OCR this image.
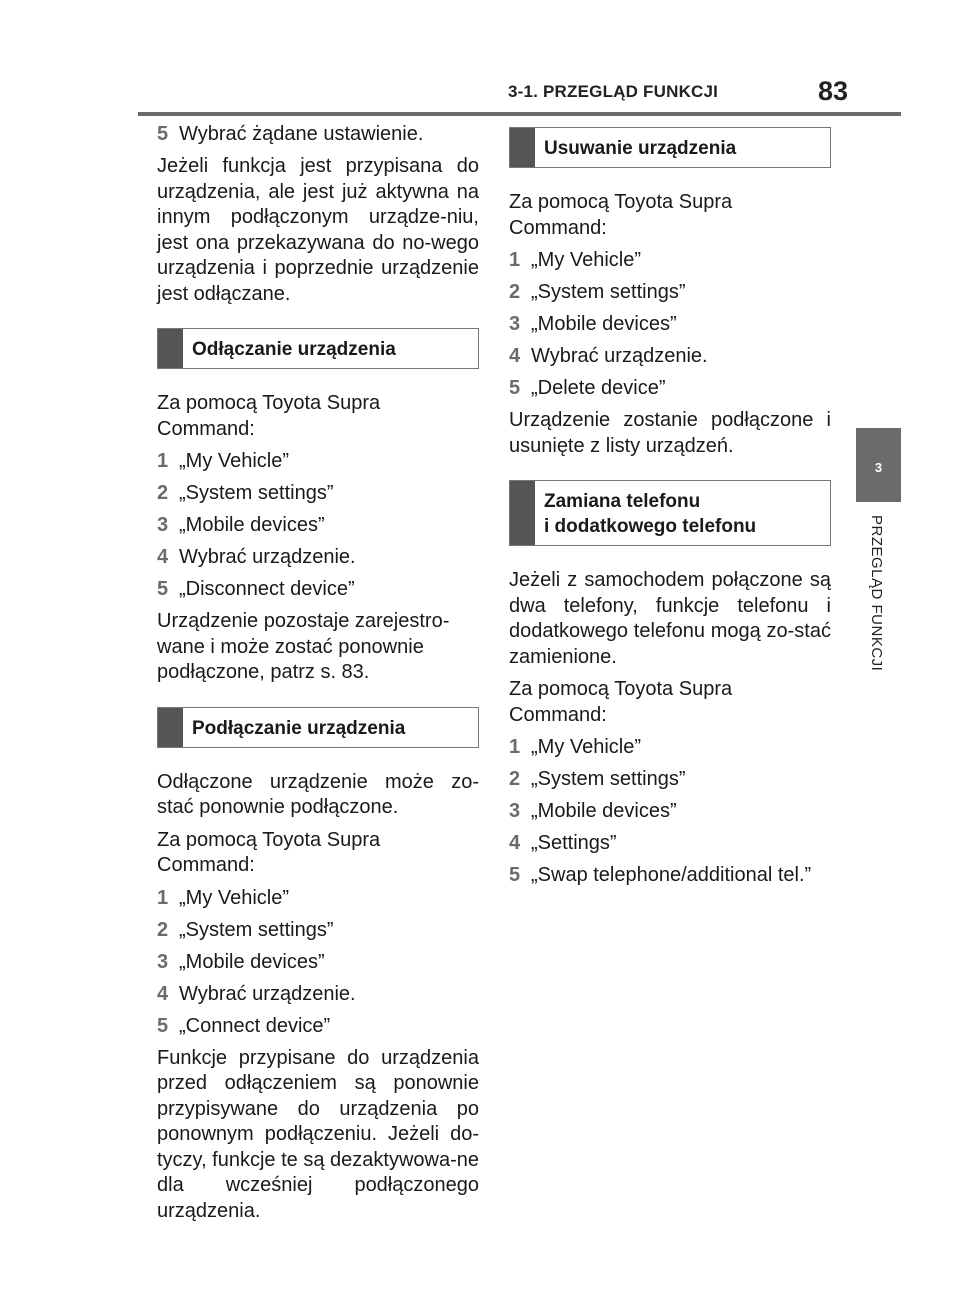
3-1. PRZEGLĄD FUNKCJI	83
3
PRZEGLĄD FUNKCJI

5 Wybrać żądane ustawienie.

Jeżeli funkcja jest przypisana do urządzenia, ale jest już aktywna na innym podłączonym urządze-niu, jest ona przekazywana do no-wego urządzenia i poprzednie urządzenie jest odłączane.

Odłączanie urządzenia

Za pomocą Toyota Supra Command:

1 „My Vehicle”

2 „System settings”

3 „Mobile devices”

4 Wybrać urządzenie.

5 „Disconnect device”

Urządzenie pozostaje zarejestro-wane i może zostać ponownie podłączone, patrz s. 83.

Podłączanie urządzenia

Odłączone urządzenie może zo-stać ponownie podłączone.

Za pomocą Toyota Supra Command:

1 „My Vehicle”

2 „System settings”

3 „Mobile devices”

4 Wybrać urządzenie.

5 „Connect device”

Funkcje przypisane do urządzenia przed odłączeniem są ponownie przypisywane do urządzenia po ponownym podłączeniu. Jeżeli do-tyczy, funkcje te są dezaktywowa-ne dla wcześniej podłączonego urządzenia.

Usuwanie urządzenia

Za pomocą Toyota Supra Command:

1 „My Vehicle”

2 „System settings”

3 „Mobile devices”

4 Wybrać urządzenie.

5 „Delete device”

Urządzenie zostanie podłączone i usunięte z listy urządzeń.

Zamiana telefonu
i dodatkowego telefonu

Jeżeli z samochodem połączone są dwa telefony, funkcje telefonu i dodatkowego telefonu mogą zo-stać zamienione.

Za pomocą Toyota Supra Command:

1 „My Vehicle”

2 „System settings”

3 „Mobile devices”

4 „Settings”

5 „Swap telephone/additional tel.”
